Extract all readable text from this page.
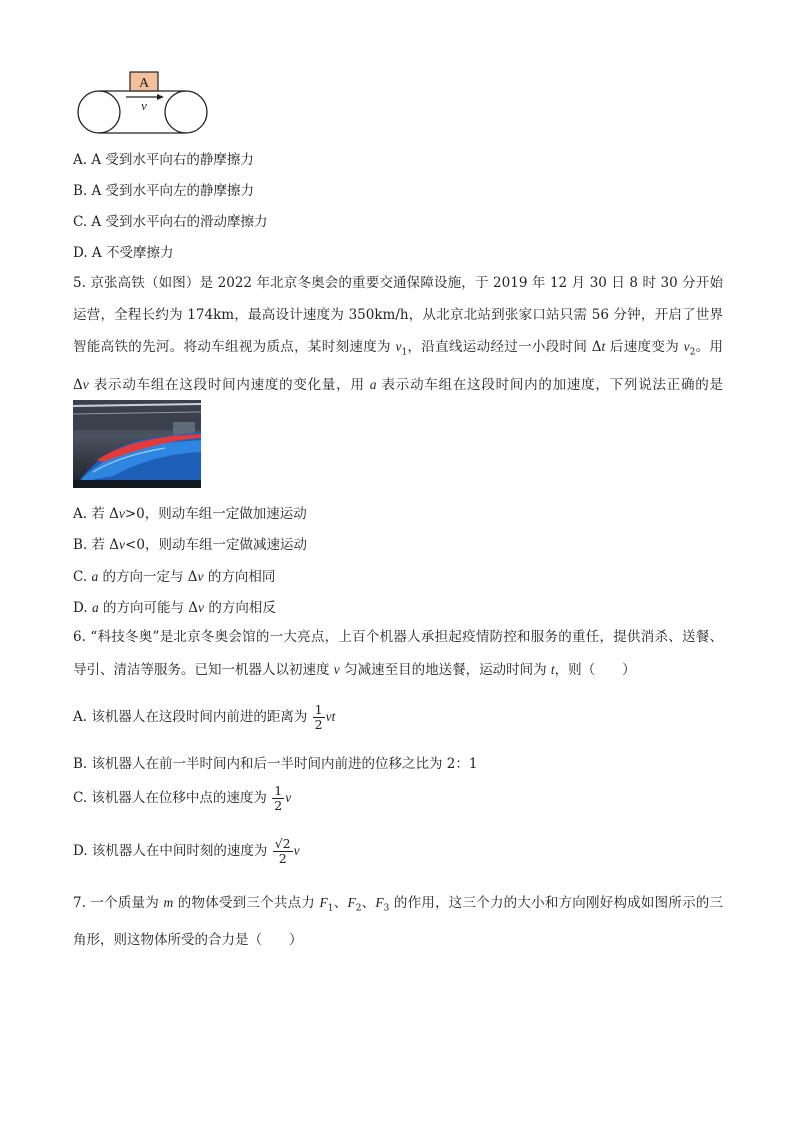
A
v
A. A 受到水平向右的静摩擦力
B. A 受到水平向左的静摩擦力
C. A 受到水平向右的滑动摩擦力
D. A 不受摩擦力
5. 京张高铁（如图）是 2022 年北京冬奥会的重要交通保障设施，于 2019 年 12 月 30 日 8 时 30 分开始运营，全程长约为 174km，最高设计速度为 350km/h，从北京北站到张家口站只需 56 分钟，开启了世界智能高铁的先河。将动车组视为质点，某时刻速度为 $v_1$，沿直线运动经过一小段时间 Δt 后速度变为 $v_2$。用 Δv 表示动车组在这段时间内速度的变化量，用 a 表示动车组在这段时间内的加速度，下列说法正确的是　　
A. 若 Δv>0，则动车组一定做加速运动
B. 若 Δv<0，则动车组一定做减速运动
C. a 的方向一定与 Δv 的方向相同
D. a 的方向可能与 Δv 的方向相反
6. “科技冬奥”是北京冬奥会馆的一大亮点，上百个机器人承担起疫情防控和服务的重任，提供消杀、送餐、导引、清洁等服务。已知一机器人以初速度 v 匀减速至目的地送餐，运动时间为 t，则（　　）
A. 该机器人在这段时间内前进的距离为 $\frac{1}{2}$ vt
B. 该机器人在前一半时间内和后一半时间内前进的位移之比为 2：1
C. 该机器人在位移中点的速度为 $\frac{1}{2}$ v
D. 该机器人在中间时刻的速度为 $\frac{√2}{2}$ v
7. 一个质量为 m 的物体受到三个共点力 $F_1$、$F_2$、$F_3$ 的作用，这三个力的大小和方向刚好构成如图所示的三角形，则这物体所受的合力是（　　）
